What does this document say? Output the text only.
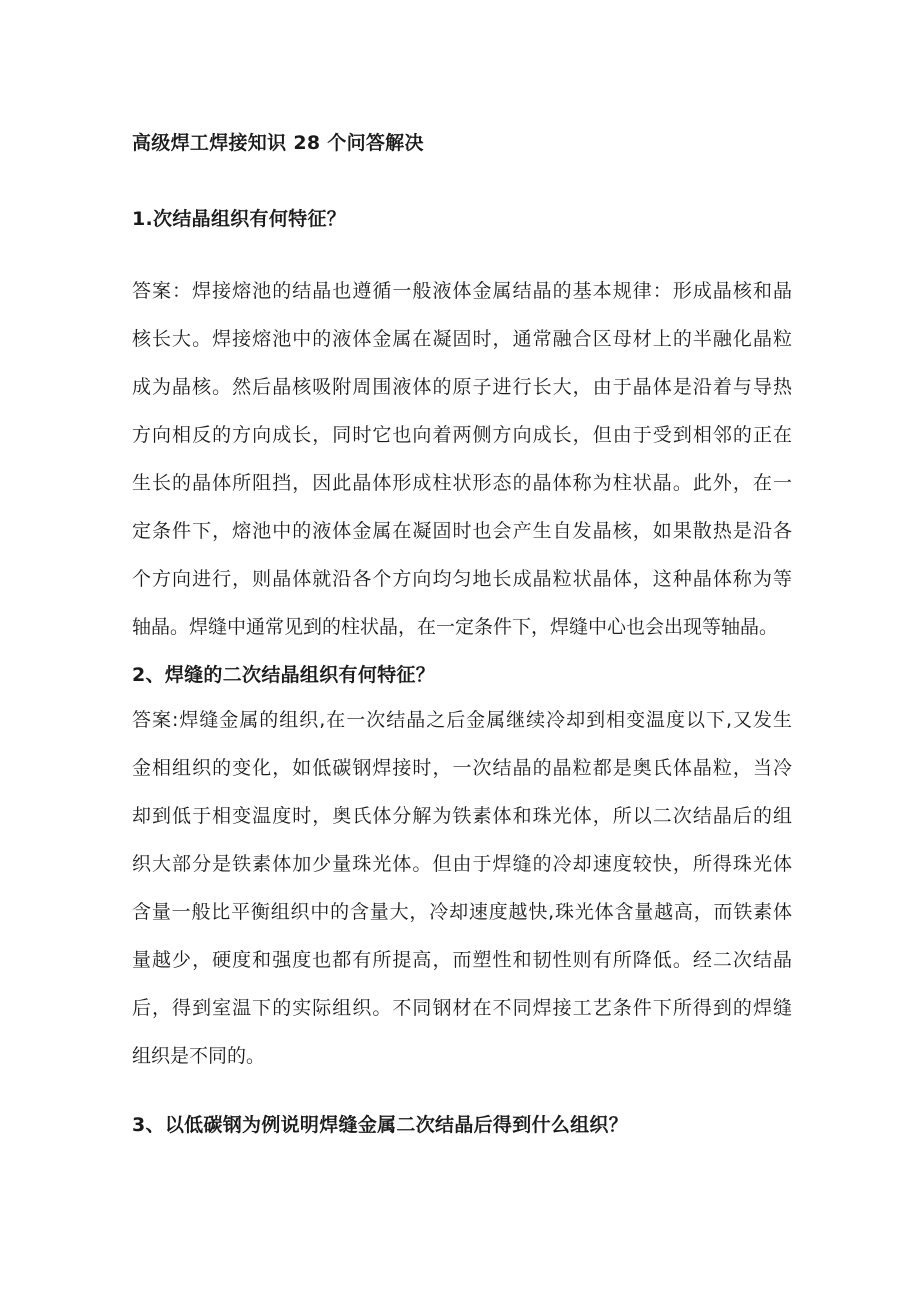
高级焊工焊接知识 28 个问答解决
1.次结晶组织有何特征？
答案：焊接熔池的结晶也遵循一般液体金属结晶的基本规律：形成晶核和晶
核长大。焊接熔池中的液体金属在凝固时，通常融合区母材上的半融化晶粒
成为晶核。然后晶核吸附周围液体的原子进行长大，由于晶体是沿着与导热
方向相反的方向成长，同时它也向着两侧方向成长，但由于受到相邻的正在
生长的晶体所阻挡，因此晶体形成柱状形态的晶体称为柱状晶。此外，在一
定条件下，熔池中的液体金属在凝固时也会产生自发晶核，如果散热是沿各
个方向进行，则晶体就沿各个方向均匀地长成晶粒状晶体，这种晶体称为等
轴晶。焊缝中通常见到的柱状晶，在一定条件下，焊缝中心也会出现等轴晶。
2、焊缝的二次结晶组织有何特征？
答案:焊缝金属的组织,在一次结晶之后金属继续冷却到相变温度以下,又发生
金相组织的变化，如低碳钢焊接时，一次结晶的晶粒都是奥氏体晶粒，当冷
却到低于相变温度时，奥氏体分解为铁素体和珠光体，所以二次结晶后的组
织大部分是铁素体加少量珠光体。但由于焊缝的冷却速度较快，所得珠光体
含量一般比平衡组织中的含量大，冷却速度越快,珠光体含量越高，而铁素体
量越少，硬度和强度也都有所提高，而塑性和韧性则有所降低。经二次结晶
后，得到室温下的实际组织。不同钢材在不同焊接工艺条件下所得到的焊缝
组织是不同的。
3、以低碳钢为例说明焊缝金属二次结晶后得到什么组织？
